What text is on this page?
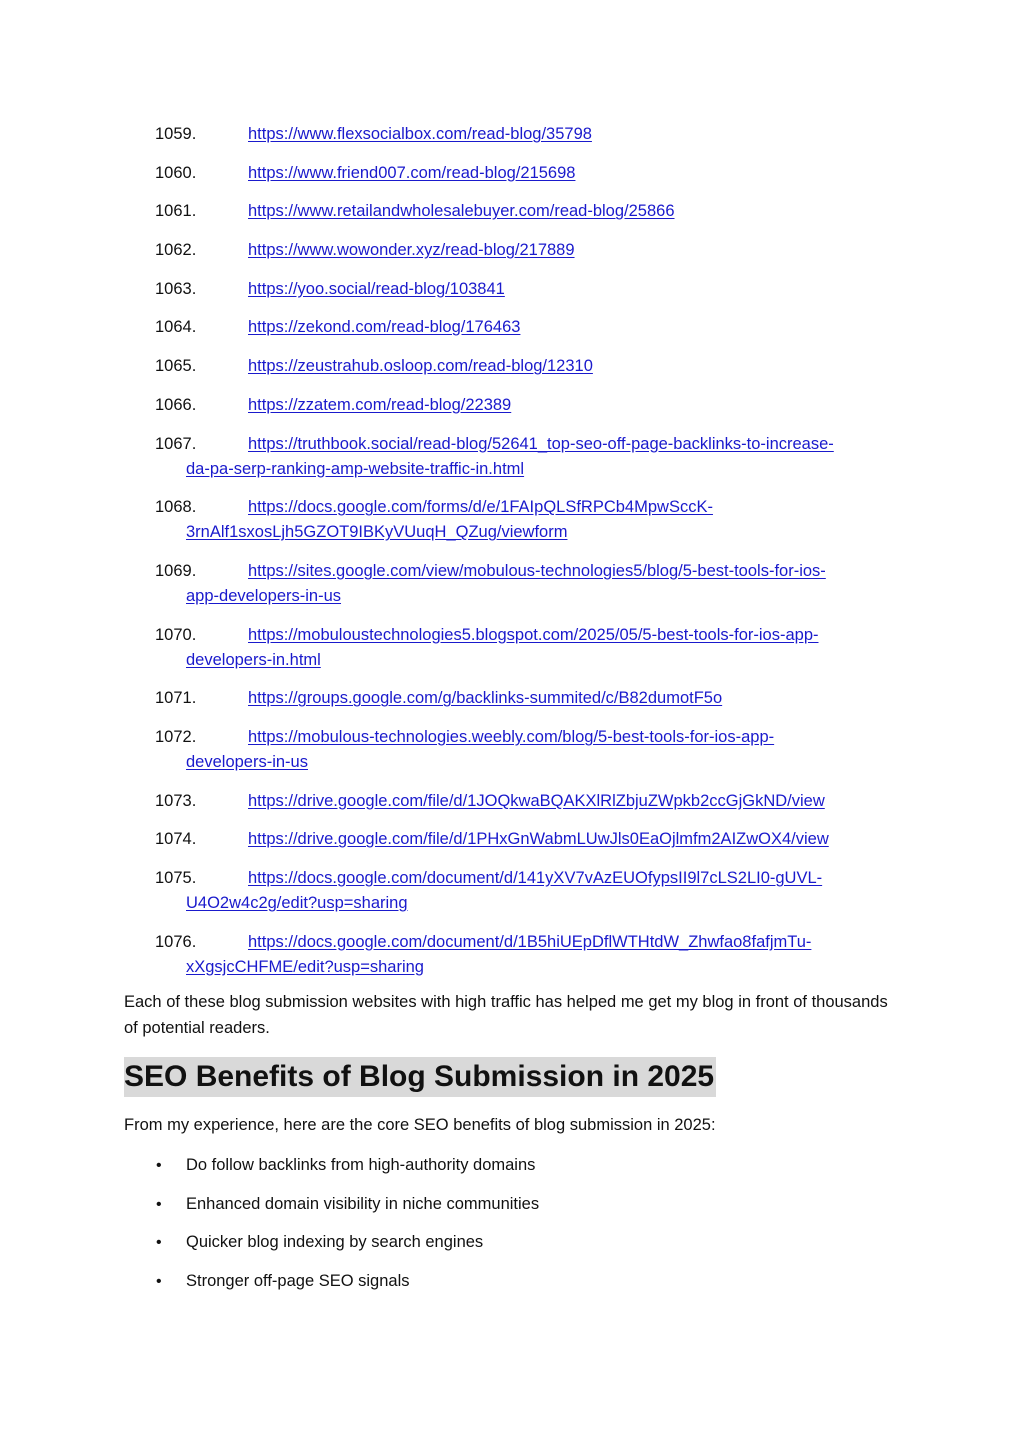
1059.	https://www.flexsocialbox.com/read-blog/35798
1060.	https://www.friend007.com/read-blog/215698
1061.	https://www.retailandwholesalebuyer.com/read-blog/25866
1062.	https://www.wowonder.xyz/read-blog/217889
1063.	https://yoo.social/read-blog/103841
1064.	https://zekond.com/read-blog/176463
1065.	https://zeustrahub.osloop.com/read-blog/12310
1066.	https://zzatem.com/read-blog/22389
1067.	https://truthbook.social/read-blog/52641_top-seo-off-page-backlinks-to-increase-
da-pa-serp-ranking-amp-website-traffic-in.html
1068.	https://docs.google.com/forms/d/e/1FAIpQLSfRPCb4MpwSccK-
3rnAlf1sxosLjh5GZOT9IBKyVUuqH_QZug/viewform
1069.	https://sites.google.com/view/mobulous-technologies5/blog/5-best-tools-for-ios-
app-developers-in-us
1070.	https://mobuloustechnologies5.blogspot.com/2025/05/5-best-tools-for-ios-app-
developers-in.html
1071.	https://groups.google.com/g/backlinks-summited/c/B82dumotF5o
1072.	https://mobulous-technologies.weebly.com/blog/5-best-tools-for-ios-app-
developers-in-us
1073.	https://drive.google.com/file/d/1JOQkwaBQAKXlRlZbjuZWpkb2ccGjGkND/view
1074.	https://drive.google.com/file/d/1PHxGnWabmLUwJls0EaOjlmfm2AIZwOX4/view
1075.	https://docs.google.com/document/d/141yXV7vAzEUOfypsII9l7cLS2LI0-gUVL-
U4O2w4c2g/edit?usp=sharing
1076.	https://docs.google.com/document/d/1B5hiUEpDflWTHtdW_Zhwfao8fafjmTu-
xXgsjcCHFME/edit?usp=sharing

Each of these blog submission websites with high traffic has helped me get my blog in front of thousands of potential readers.

SEO Benefits of Blog Submission in 2025

From my experience, here are the core SEO benefits of blog submission in 2025:

• Do follow backlinks from high-authority domains
• Enhanced domain visibility in niche communities
• Quicker blog indexing by search engines
• Stronger off-page SEO signals
